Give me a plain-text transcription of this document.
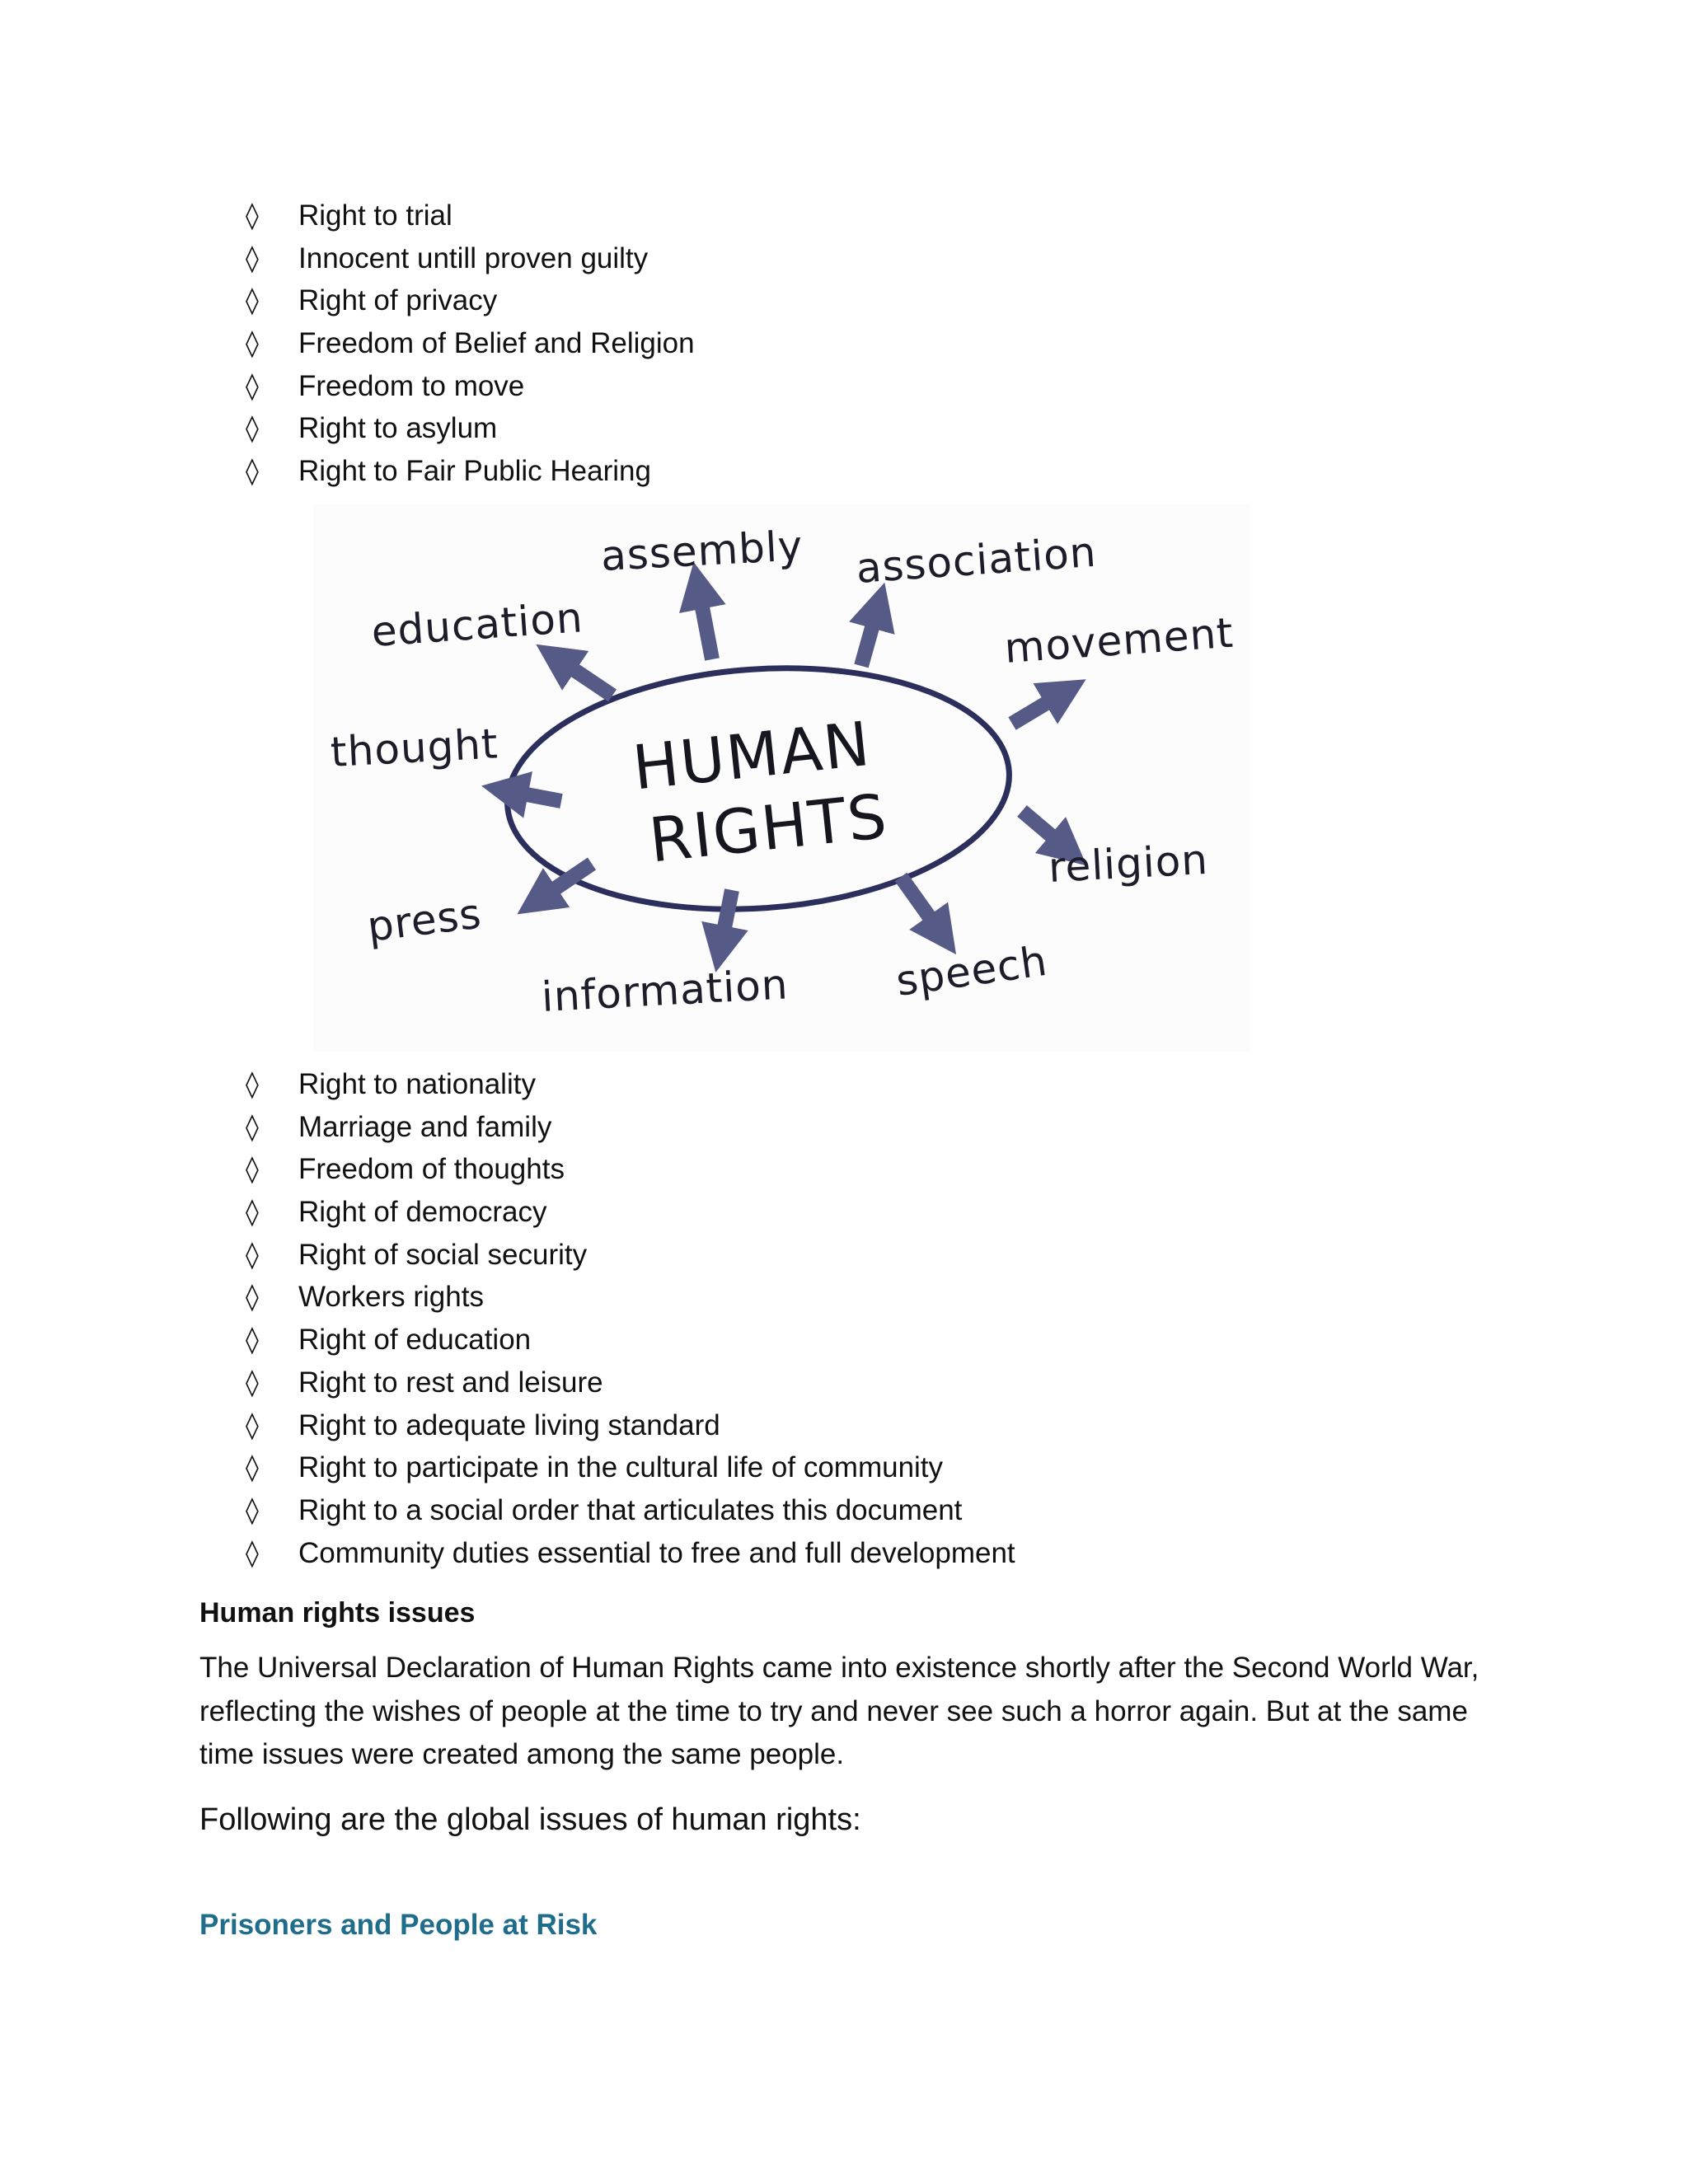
◊ Right to trial
◊ Innocent untill proven guilty
◊ Right of privacy
◊ Freedom of Belief and Religion
◊ Freedom to move
◊ Right to asylum
◊ Right to Fair Public Hearing
HUMAN
RIGHTS
assembly association
education	movement
thought
religion
press
information	speech
◊ Right to nationality
◊ Marriage and family
◊ Freedom of thoughts
◊ Right of democracy
◊ Right of social security
◊ Workers rights
◊ Right of education
◊ Right to rest and leisure
◊ Right to adequate living standard
◊ Right to participate in the cultural life of community
◊ Right to a social order that articulates this document
◊ Community duties essential to free and full development
Human rights issues

The Universal Declaration of Human Rights came into existence shortly after the Second World War,
reflecting the wishes of people at the time to try and never see such a horror again. But at the same
time issues were created among the same people.

Following are the global issues of human rights:
Prisoners and People at Risk
